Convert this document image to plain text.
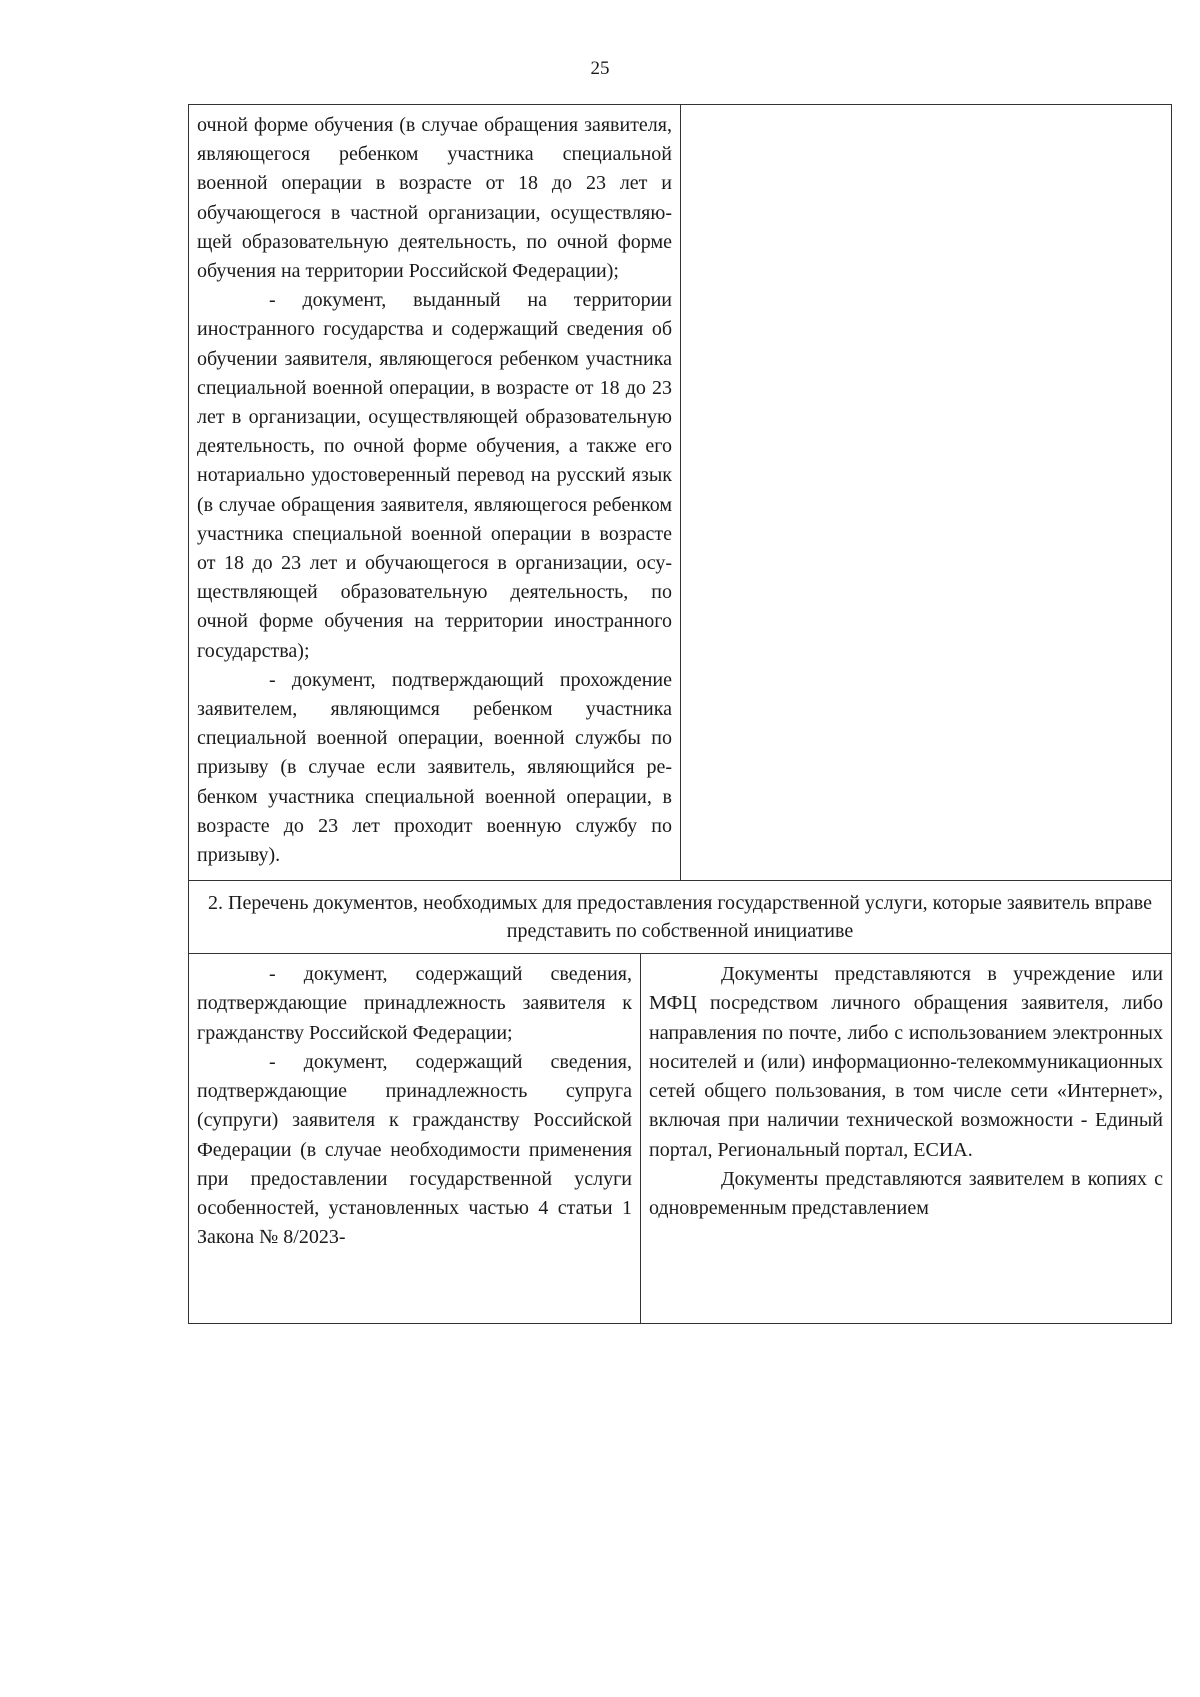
25

очной форме обучения (в случае обращения заявителя, являющегося ребенком участника специальной военной операции в возрасте от 18 до 23 лет и обучающегося в частной организации, осуществляющей образовательную деятельность, по очной форме обучения на территории Российской Федерации);

- документ, выданный на территории иностранного государства и содержащий сведения об обучении заявителя, являющегося ребенком участника специальной военной операции, в возрасте от 18 до 23 лет в организации, осуществляющей образовательную деятельность, по очной форме обучения, а также его нотариально удостоверенный перевод на русский язык (в случае обращения заявителя, являющегося ребенком участника специальной военной операции в возрасте от 18 до 23 лет и обучающегося в организации, осуществляющей образовательную деятельность, по очной форме обучения на территории иностранного государства);

- документ, подтверждающий прохождение заявителем, являющимся ребенком участника специальной военной операции, военной службы по призыву (в случае если заявитель, являющийся ребенком участника специальной военной операции, в возрасте до 23 лет проходит военную службу по призыву).

2. Перечень документов, необходимых для предоставления государственной услуги, которые заявитель вправе представить по собственной инициативе

- документ, содержащий сведения, подтверждающие принадлежность заявителя к гражданству Российской Федерации;

- документ, содержащий сведения, подтверждающие принадлежность супруга (супруги) заявителя к гражданству Российской Федерации (в случае необходимости применения при предоставлении государственной услуги особенностей, установленных частью 4 статьи 1 Закона № 8/2023-

Документы представляются в учреждение или МФЦ посредством личного обращения заявителя, либо направления по почте, либо с использованием электронных носителей и (или) информационно-телекоммуникационных сетей общего пользования, в том числе сети «Интернет», включая при наличии технической возможности - Единый портал, Региональный портал, ЕСИА.

Документы представляются заявителем в копиях с одновременным представлением
